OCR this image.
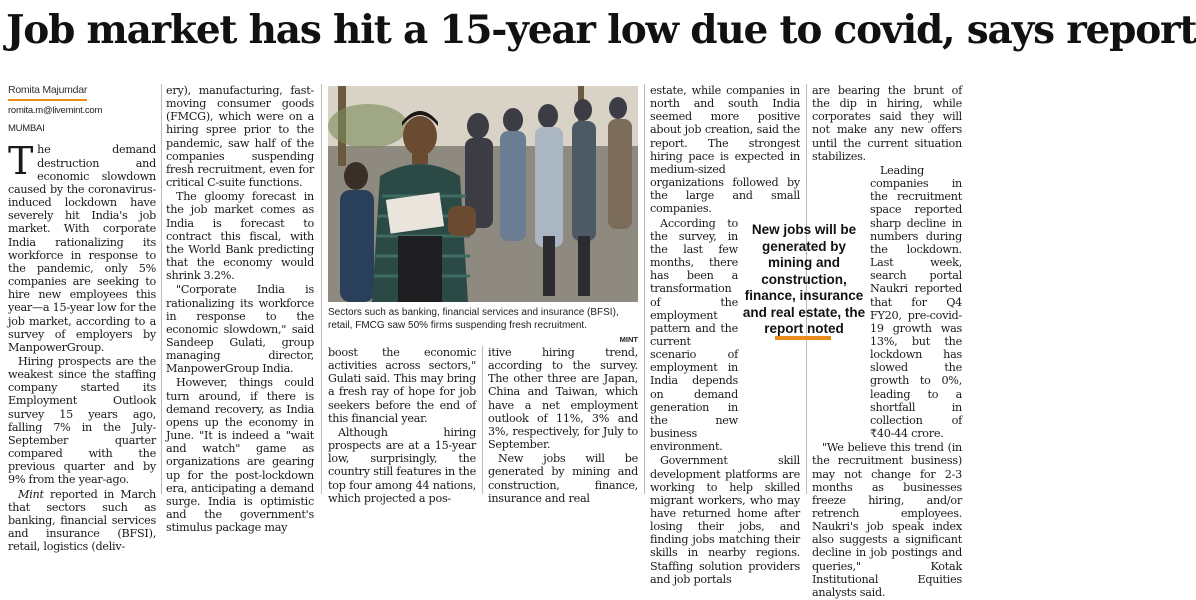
Job market has hit a 15-year low due to covid, says report
Romita Majumdar
romita.m@livemint.com
MUMBAI

The demand destruction and economic slowdown caused by the coronavirus-induced lockdown have severely hit India's job market. With corporate India rationalizing its workforce in response to the pandemic, only 5% companies are seeking to hire new employees this year—a 15-year low for the job market, according to a survey of employers by ManpowerGroup.

Hiring prospects are the weakest since the staffing company started its Employment Outlook survey 15 years ago, falling 7% in the July-September quarter compared with the previous quarter and by 9% from the year-ago.

Mint reported in March that sectors such as banking, financial services and insurance (BFSI), retail, logistics (deliv-

ery), manufacturing, fast-moving consumer goods (FMCG), which were on a hiring spree prior to the pandemic, saw half of the companies suspending fresh recruitment, even for critical C-suite functions.

The gloomy forecast in the job market comes as India is forecast to contract this fiscal, with the World Bank predicting that the economy would shrink 3.2%.

"Corporate India is rationalizing its workforce in response to the economic slowdown," said Sandeep Gulati, group managing director, ManpowerGroup India.

However, things could turn around, if there is demand recovery, as India opens up the economy in June. "It is indeed a "wait and watch" game as organizations are gearing up for the post-lockdown era, anticipating a demand surge. India is optimistic and the government's stimulus package may

Sectors such as banking, financial services and insurance (BFSI), retail, FMCG saw 50% firms suspending fresh recruitment.
MINT

boost the economic activities across sectors," Gulati said. This may bring a fresh ray of hope for job seekers before the end of this financial year.

Although hiring prospects are at a 15-year low, surprisingly, the country still features in the top four among 44 nations, which projected a pos-

itive hiring trend, according to the survey. The other three are Japan, China and Taiwan, which have a net employment outlook of 11%, 3% and 3%, respectively, for July to September.

New jobs will be generated by mining and construction, finance, insurance and real

estate, while companies in north and south India seemed more positive about job creation, said the report. The strongest hiring pace is expected in medium-sized organizations followed by the large and small companies.

According to the survey, in the last few months, there has been a transformation of the employment pattern and the current scenario of employment in India depends on demand generation in the new business environment.

Government skill development platforms are working to help skilled migrant workers, who may have returned home after losing their jobs, and finding jobs matching their skills in nearby regions. Staffing solution providers and job portals

are bearing the brunt of the dip in hiring, while corporates said they will not make any new offers until the current situation stabilizes.

Leading companies in the recruitment space reported sharp decline in numbers during the lockdown. Last week, search portal Naukri reported that for Q4 FY20, pre-covid-19 growth was 13%, but the lockdown has slowed the growth to 0%, leading to a shortfall in collection of ₹40-44 crore.

"We believe this trend (in the recruitment business) may not change for 2-3 months as businesses freeze hiring, and/or retrench employees. Naukri's job speak index also suggests a significant decline in job postings and queries," Kotak Institutional Equities analysts said.

New jobs will be generated by mining and construction, finance, insurance and real estate, the report noted
